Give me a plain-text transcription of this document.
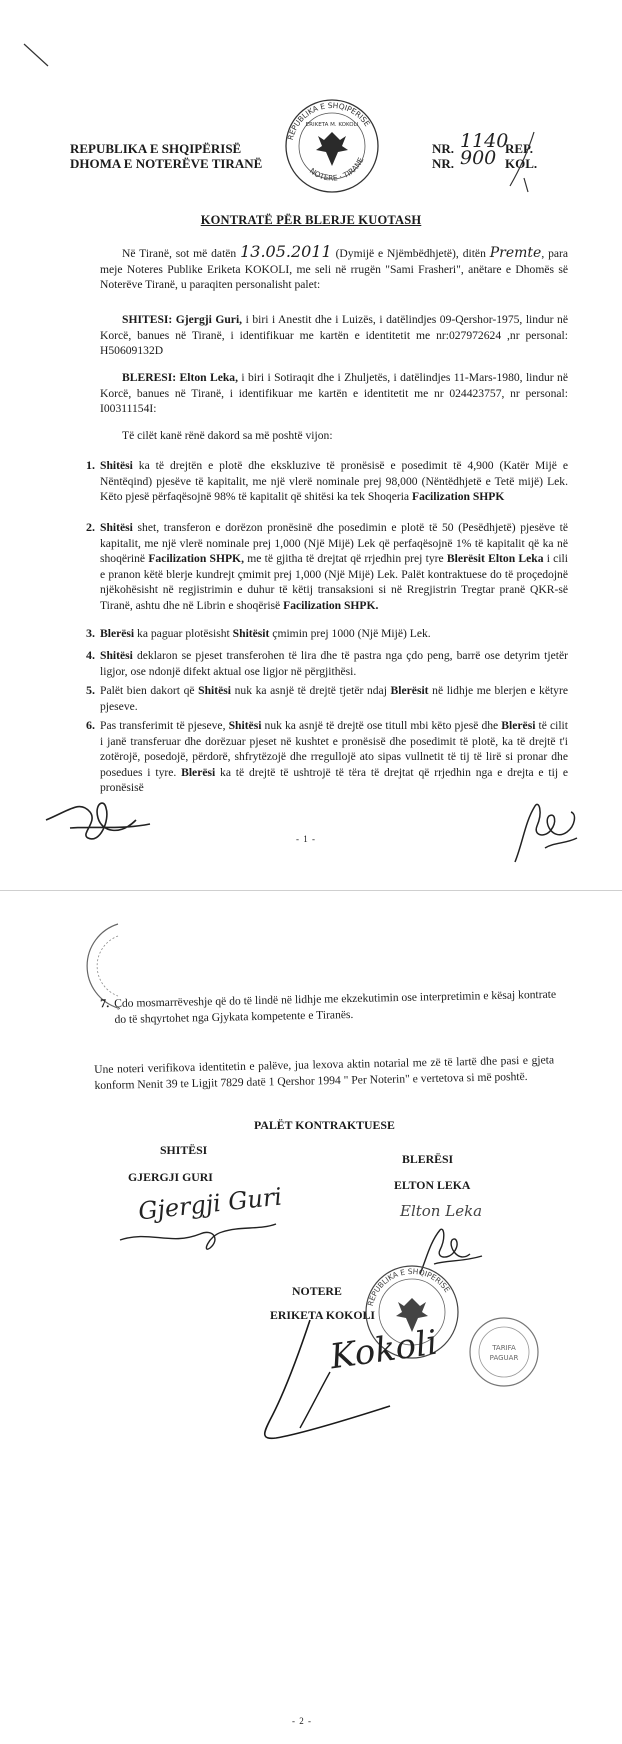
REPUBLIKA E SHQIPËRISË
DHOMA E NOTERËVE TIRANË
REPUBLIKA E SHQIPERISE
NOTERE · TIRANE
ERIKETA M. KOKOLI
NR. 1140
REP.
NR. 900 KOL.
KONTRATË PËR BLERJE KUOTASH
Në Tiranë, sot më datën 13.05.2011 (Dymijë e Njëmbëdhjetë), ditën Premte, para meje Noteres Publike Eriketa KOKOLI, me seli në rrugën "Sami Frasheri", anëtare e Dhomës së Noterëve Tiranë, u paraqiten personalisht palet:
SHITESI: Gjergji Guri, i biri i Anestit dhe i Luizës, i datëlindjes 09-Qershor-1975, lindur në Korcë, banues në Tiranë, i identifikuar me kartën e identitetit me nr:027972624 ,nr personal: H50609132D
BLERESI: Elton Leka, i biri i Sotiraqit dhe i Zhuljetës, i datëlindjes 11-Mars-1980, lindur në Korcë, banues në Tiranë, i identifikuar me kartën e identitetit me nr 024423757, nr personal: I00311154I:
Të cilët kanë rënë dakord sa më poshtë vijon:
1. Shitësi ka të drejtën e plotë dhe ekskluzive të pronësisë e posedimit të 4,900 (Katër Mijë e Nëntëqind) pjesëve të kapitalit, me një vlerë nominale prej 98,000 (Nëntëdhjetë e Tetë mijë) Lek. Këto pjesë përfaqësojnë 98% të kapitalit që shitësi ka tek Shoqeria Facilization SHPK
2. Shitësi shet, transferon e dorëzon pronësinë dhe posedimin e plotë të 50 (Pesëdhjetë) pjesëve të kapitalit, me një vlerë nominale prej 1,000 (Një Mijë) Lek që perfaqësojnë 1% të kapitalit që ka në shoqërinë Facilization SHPK, me të gjitha të drejtat që rrjedhin prej tyre Blerësit Elton Leka i cili e pranon këtë blerje kundrejt çmimit prej 1,000 (Një Mijë) Lek. Palët kontraktuese do të proçedojnë njëkohësisht në regjistrimin e duhur të këtij transaksioni si në Rregjistrin Tregtar pranë QKR-së Tiranë, ashtu dhe në Librin e shoqërisë Facilization SHPK.
3. Blerësi ka paguar plotësisht Shitësit çmimin prej 1000 (Një Mijë) Lek.
4. Shitësi deklaron se pjeset transferohen të lira dhe të pastra nga çdo peng, barrë ose detyrim tjetër ligjor, ose ndonjë difekt aktual ose ligjor në përgjithësi.
5. Palët bien dakort që Shitësi nuk ka asnjë të drejtë tjetër ndaj Blerësit në lidhje me blerjen e këtyre pjeseve.
6. Pas transferimit të pjeseve, Shitësi nuk ka asnjë të drejtë ose titull mbi këto pjesë dhe Blerësi të cilit i janë transferuar dhe dorëzuar pjeset në kushtet e pronësisë dhe posedimit të plotë, ka të drejtë t'i zotërojë, posedojë, përdorë, shfrytëzojë dhe rregullojë ato sipas vullnetit të tij të lirë si pronar dhe posedues i tyre. Blerësi ka të drejtë të ushtrojë të tëra të drejtat që rrjedhin nga e drejta e tij e pronësisë
- 1 -
7. Çdo mosmarrëveshje që do të lindë në lidhje me ekzekutimin ose interpretimin e kësaj kontrate do të shqyrtohet nga Gjykata kompetente e Tiranës.
Une noteri verifikova identitetin e palëve, jua lexova aktin notarial me zë të lartë dhe pasi e gjeta konform Nenit 39 te Ligjit 7829 datë 1 Qershor 1994 " Per Noterin" e vertetova si më poshtë.
PALËT KONTRAKTUESE
SHITËSI
BLERËSI
GJERGJI GURI
ELTON LEKA
Gjergji Guri	Elton Leka
NOTERE
ERIKETA KOKOLI
REPUBLIKA E SHQIPERISE
TARIFA
PAGUAR
Kokoli
- 2 -
